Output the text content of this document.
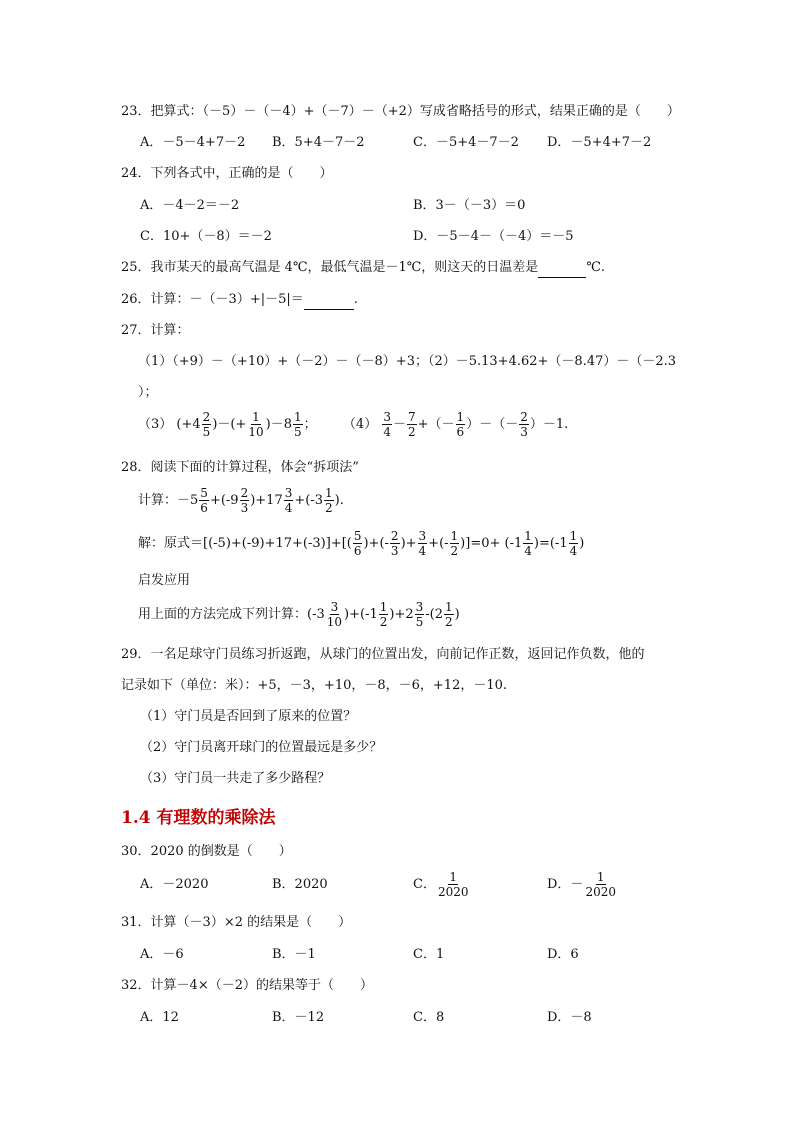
23．把算式：（－5）－（－4）+（－7）－（+2）写成省略括号的形式，结果正确的是（　　）
A．－5－4+7－2 B．5+4－7－2	C．－5+4－7－2 D．－5+4+7－2
24．下列各式中，正确的是（　　）
A．－4－2＝－2	B．3－（－3）＝0
C．10+（－8）＝－2	D．－5－4－（－4）＝－5
25．我市某天的最高气温是 4℃，最低气温是－1℃，则这天的日温差是	℃.
26．计算：－（－3）+|－5|＝	.
27．计算：
（1）（+9）－（+10）+（－2）－（－8）+3；（2）－5.13+4.62+（－8.47）－（－2.3
）；
（3） ($+4 \frac{2}{5}$ )－(+ $\frac{1}{10} )-8 \frac{1}{5}$ ； $(4) \frac{3}{4} - \frac{7}{2}$ +（－ $\frac{1}{6}$ ）－（－ $\frac{2}{3} )-1$.
28．阅读下面的计算过程，体会“拆项法”
计算：$-5 \frac{5}{6} +(-9 \frac{2}{3} )+17 \frac{3}{4} +(-3 \frac{1}{2}$ ).
解：原式$=[(-5)+(-9)+17+(-3)]+[( \frac{5}{6}$ )+(- $\frac{2}{3}$ )+ $\frac{3}{4}$ +(- $\frac{1}{2} )]=0+ (-1 \frac{1}{4} )=(-1 \frac{1}{4}$ )
启发应用
用上面的方法完成下列计算：$(-3 \frac{3}{10} )+(-1 \frac{1}{2} )+2 \frac{3}{5} -(2 \frac{1}{2}$ )
29．一名足球守门员练习折返跑，从球门的位置出发，向前记作正数，返回记作负数，他的
记录如下（单位：米）：+5，－3，+10，－8，－6，+12，－10.
（1）守门员是否回到了原来的位置？
（2）守门员离开球门的位置最远是多少？
（3）守门员一共走了多少路程？
1.4 有理数的乘除法
30．2020 的倒数是（　　）
A．－2020	B．2020	C． $\frac{1}{2020}$	D．－ $\frac{1}{2020}$
31．计算（－3）×2 的结果是（　　）
A．－6	B．－1	C．1	D．6
32．计算－4×（－2）的结果等于（　　）
A．12	B．－12	C．8	D．－8
